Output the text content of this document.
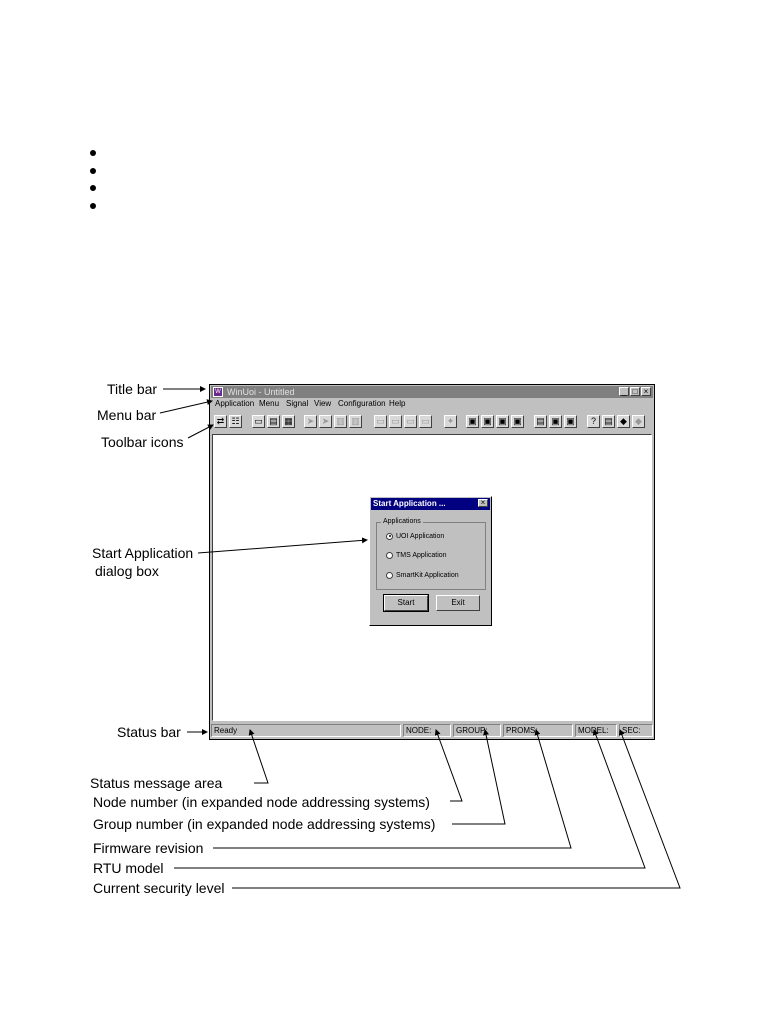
W WinUoi - Untitled	_ □ ×
Application Menu Signal View Configuration Help
⇄ ☷ ▭ ▤ ▦	➤ ➤ ▥ ▥ ▭ ▭ ▭ ▭	✦	▣ ▣ ▣ ▣ ▤ ▣ ▣	? ▤ ◆ ◆
Ready	NODE:	GROUP:	PROMS:	MODEL:	SEC:
Start Application ...	×
Applications
UOI Application
TMS Application
SmartKit Application
Start	Exit
Title bar
Menu bar
Toolbar icons
Start Application
dialog box
Status bar
Status message area
Node number (in expanded node addressing systems)
Group number (in expanded node addressing systems)
Firmware revision
RTU model
Current security level
